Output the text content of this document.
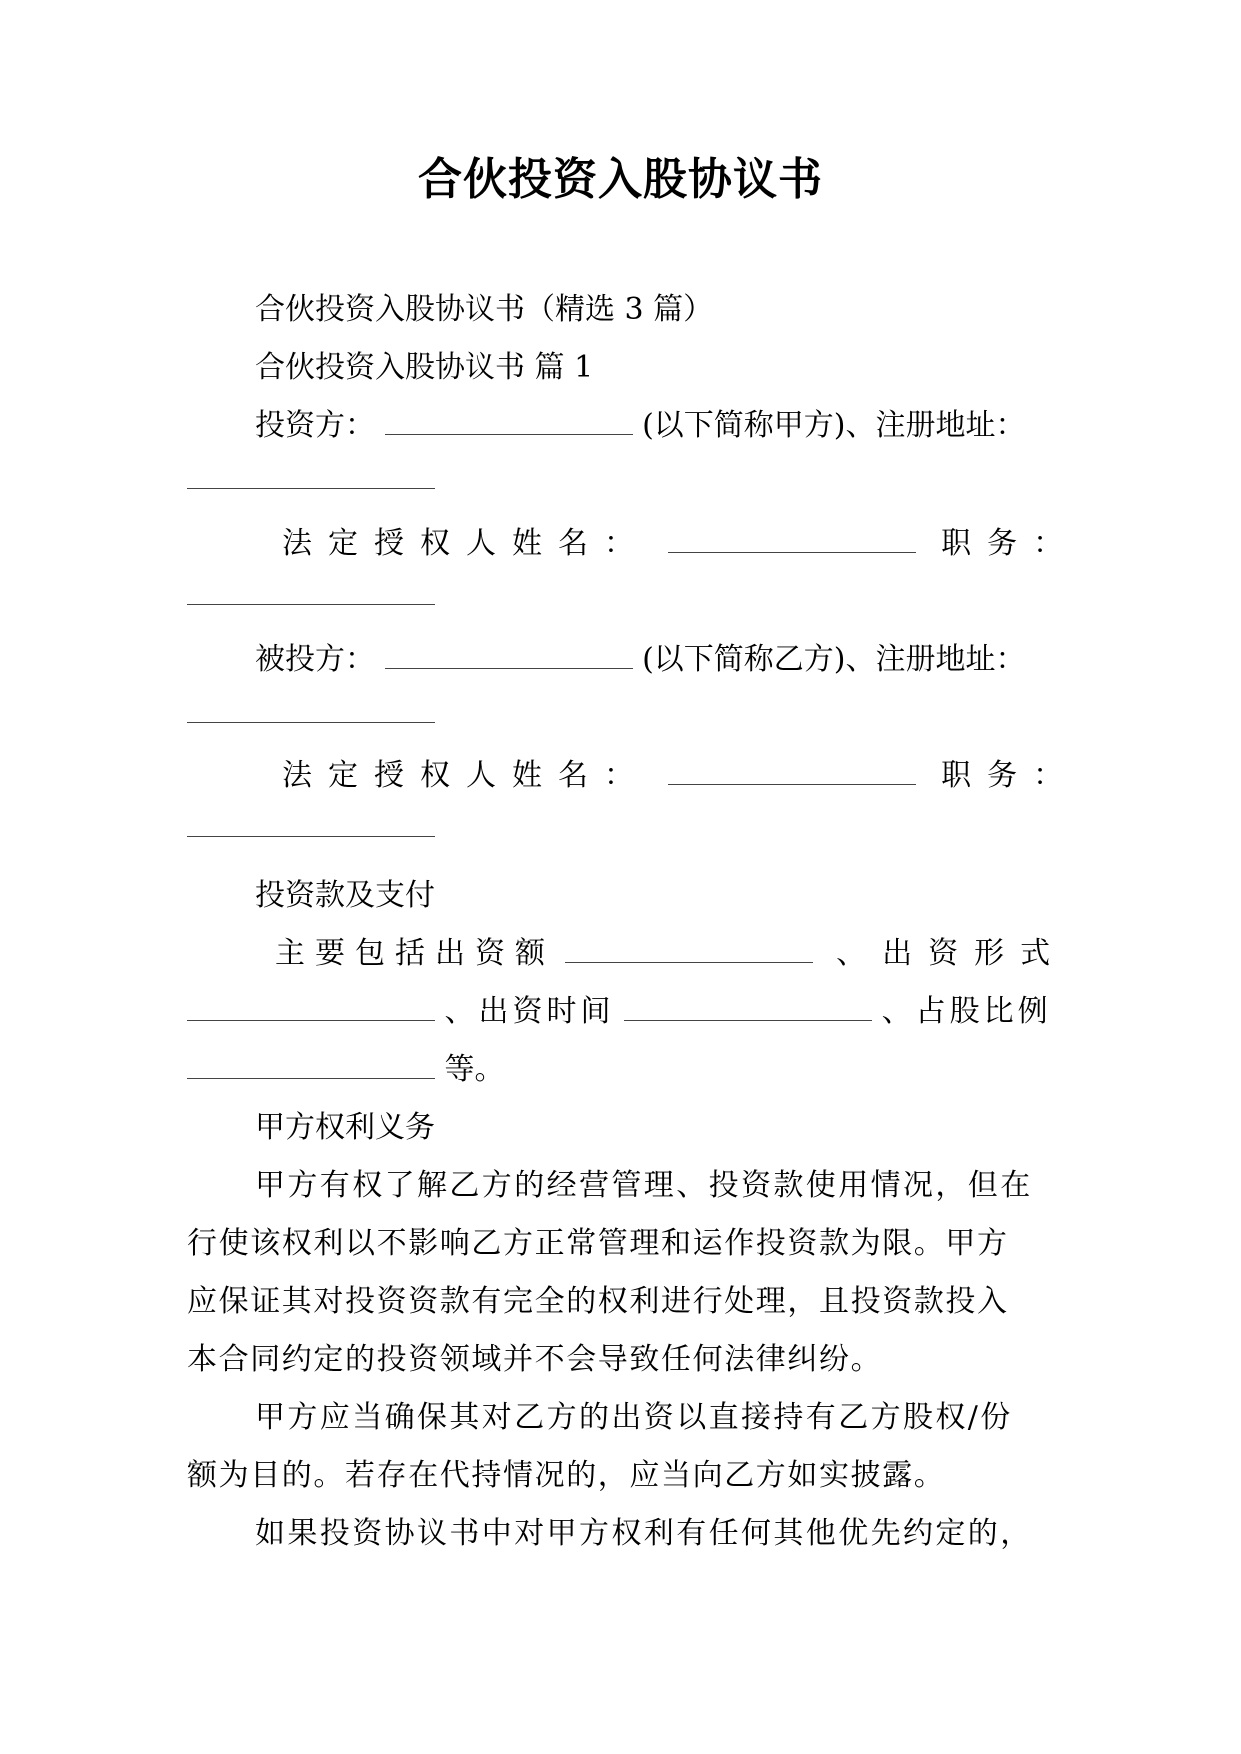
合伙投资入股协议书
合伙投资入股协议书（精选 3 篇）
合伙投资入股协议书 篇 1
投资方：	(以下简称甲方)、注册地址：
法定授权人姓名：	职务：
被投方：	(以下简称乙方)、注册地址：
法定授权人姓名：	职务：
投资款及支付
主要包括出资额	、出资形式
、出资时间	、占股比例
等。
甲方权利义务
甲方有权了解乙方的经营管理、投资款使用情况，但在
行使该权利以不影响乙方正常管理和运作投资款为限。甲方
应保证其对投资资款有完全的权利进行处理，且投资款投入
本合同约定的投资领域并不会导致任何法律纠纷。
甲方应当确保其对乙方的出资以直接持有乙方股权/份
额为目的。若存在代持情况的，应当向乙方如实披露。
如果投资协议书中对甲方权利有任何其他优先约定的，
